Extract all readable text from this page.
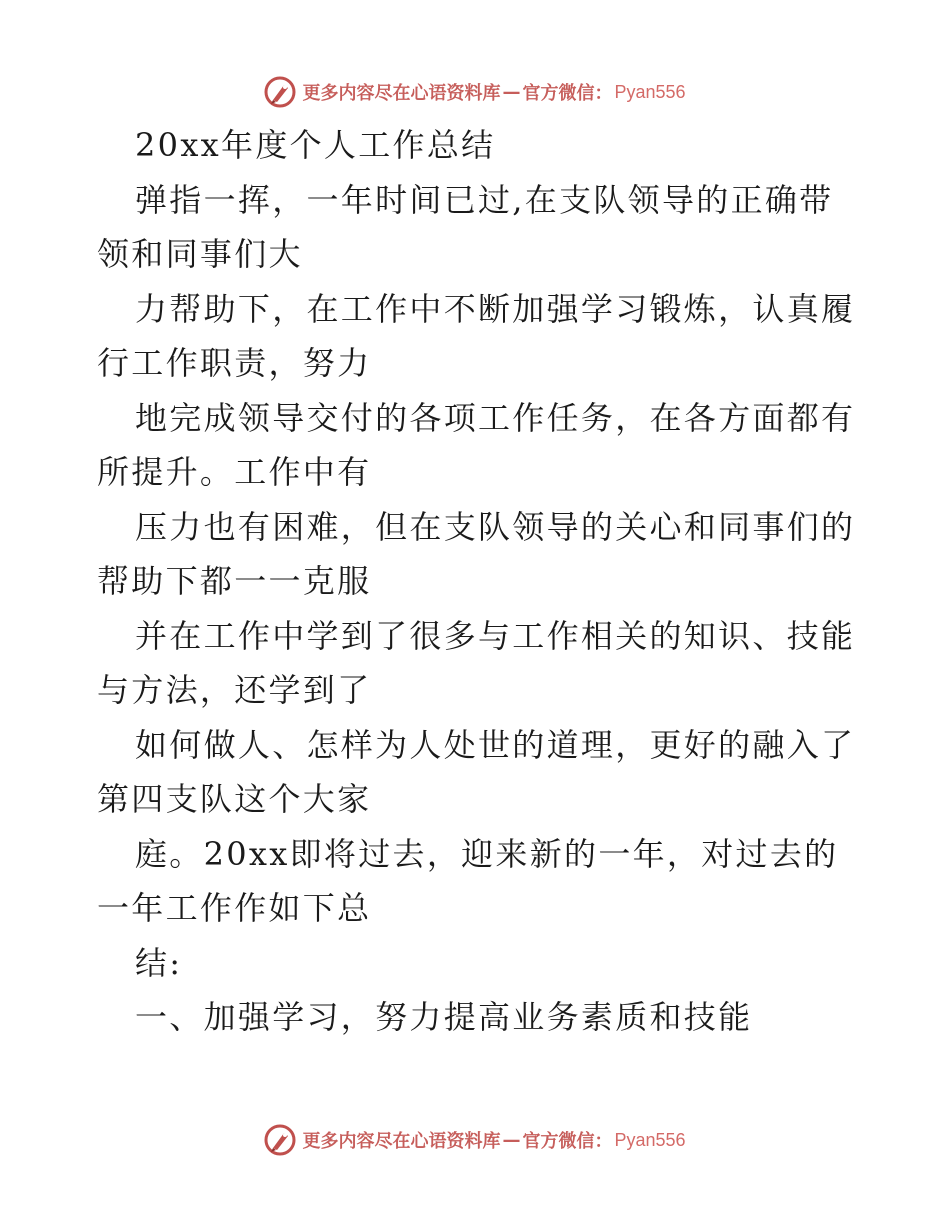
更多内容尽在心语资料库 — 官方微信： Pyan556
20xx年度个人工作总结
弹指一挥，一年时间已过,在支队领导的正确带
领和同事们大
力帮助下，在工作中不断加强学习锻炼，认真履
行工作职责，努力
地完成领导交付的各项工作任务，在各方面都有
所提升。工作中有
压力也有困难，但在支队领导的关心和同事们的
帮助下都一一克服
并在工作中学到了很多与工作相关的知识、技能
与方法，还学到了
如何做人、怎样为人处世的道理，更好的融入了
第四支队这个大家
庭。20xx即将过去，迎来新的一年，对过去的
一年工作作如下总
结:
一、加强学习，努力提高业务素质和技能
更多内容尽在心语资料库 — 官方微信： Pyan556
